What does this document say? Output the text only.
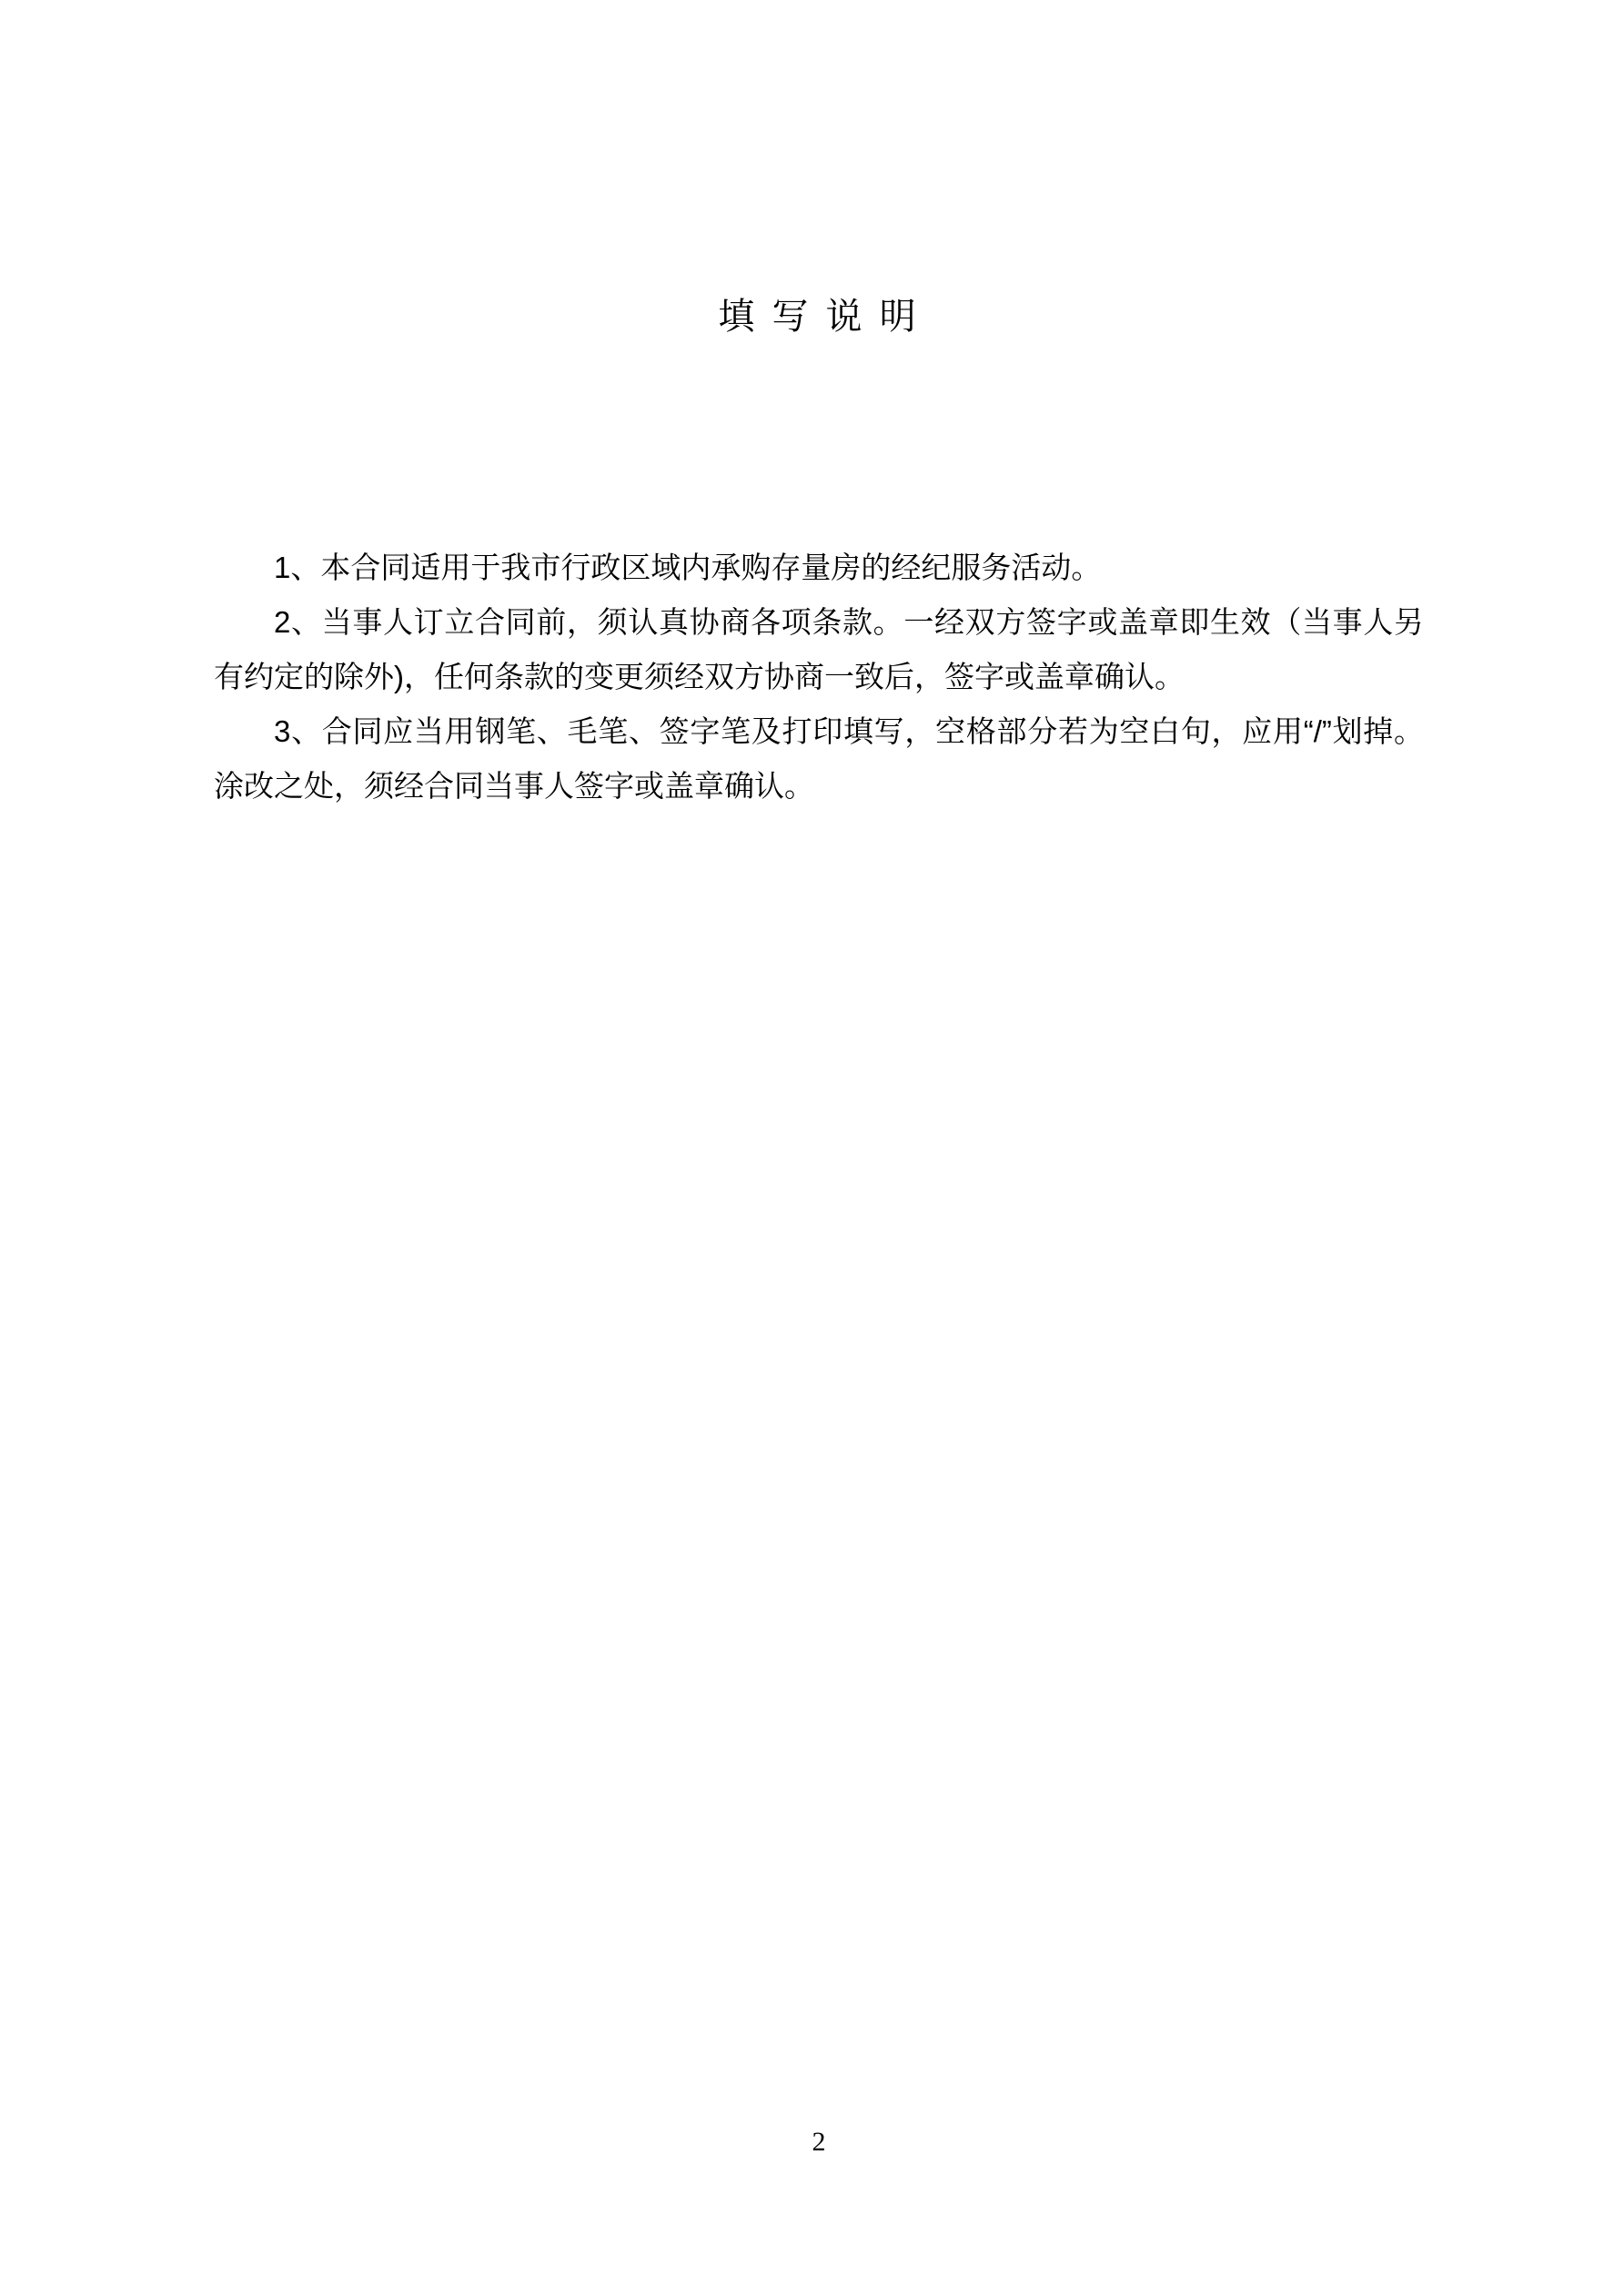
填 写 说 明

1、本合同适用于我市行政区域内承购存量房的经纪服务活动。

2、当事人订立合同前，须认真协商各项条款。一经双方签字或盖章即生效（当事人另有约定的除外)，任何条款的变更须经双方协商一致后，签字或盖章确认。

3、合同应当用钢笔、毛笔、签字笔及打印填写，空格部分若为空白句，应用“/”划掉。涂改之处，须经合同当事人签字或盖章确认。

2
